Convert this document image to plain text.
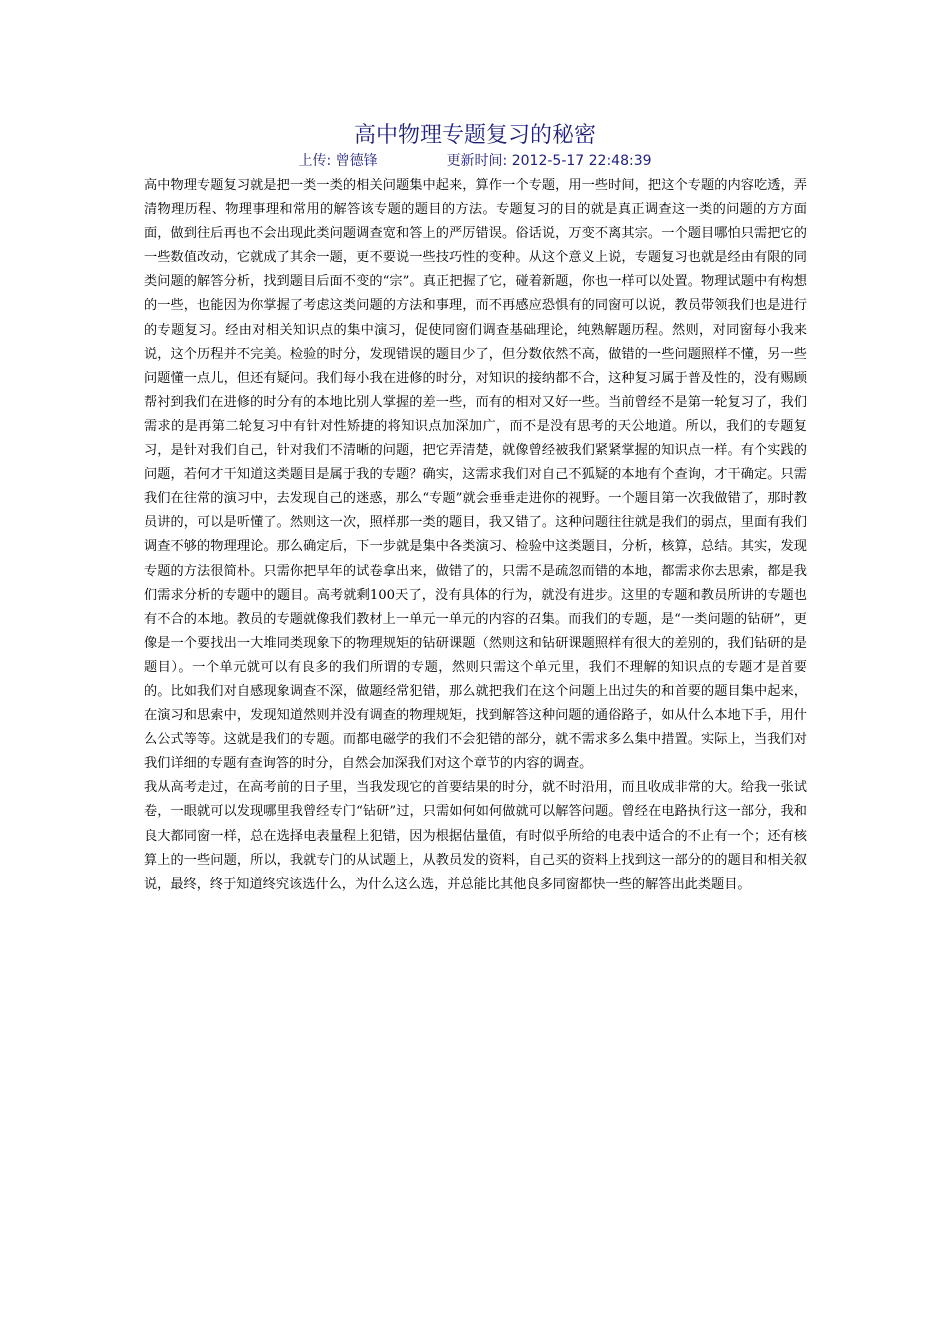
高中物理专题复习的秘密
上传: 曾德锋	更新时间: 2012-5-17 22:48:39

高中物理专题复习就是把一类一类的相关问题集中起来，算作一个专题，用一些时间，把这个专题的内容吃透，弄清物理历程、物理事理和常用的解答该专题的题目的方法。专题复习的目的就是真正调查这一类的问题的方方面面，做到往后再也不会出现此类问题调查宽和答上的严厉错误。俗话说，万变不离其宗。一个题目哪怕只需把它的一些数值改动，它就成了其余一题，更不要说一些技巧性的变种。从这个意义上说，专题复习也就是经由有限的同类问题的解答分析，找到题目后面不变的“宗”。真正把握了它，碰着新题，你也一样可以处置。物理试题中有构想的一些，也能因为你掌握了考虑这类问题的方法和事理，而不再感应恐惧有的同窗可以说，教员带领我们也是进行的专题复习。经由对相关知识点的集中演习，促使同窗们调查基础理论，纯熟解题历程。然则，对同窗每小我来说，这个历程并不完美。检验的时分，发现错误的题目少了，但分数依然不高，做错的一些问题照样不懂，另一些问题懂一点儿，但还有疑问。我们每小我在进修的时分，对知识的接纳都不合，这种复习属于普及性的，没有赐顾帮衬到我们在进修的时分有的本地比别人掌握的差一些，而有的相对又好一些。当前曾经不是第一轮复习了，我们需求的是再第二轮复习中有针对性矫捷的将知识点加深加广，而不是没有思考的天公地道。所以，我们的专题复习，是针对我们自己，针对我们不清晰的问题，把它弄清楚，就像曾经被我们紧紧掌握的知识点一样。有个实践的问题，若何才干知道这类题目是属于我的专题？确实，这需求我们对自己不狐疑的本地有个查询，才干确定。只需我们在往常的演习中，去发现自己的迷惑，那么“专题”就会垂垂走进你的视野。一个题目第一次我做错了，那时教员讲的，可以是听懂了。然则这一次，照样那一类的题目，我又错了。这种问题往往就是我们的弱点，里面有我们调查不够的物理理论。那么确定后，下一步就是集中各类演习、检验中这类题目，分析，核算，总结。其实，发现专题的方法很简朴。只需你把早年的试卷拿出来，做错了的，只需不是疏忽而错的本地，都需求你去思索，都是我们需求分析的专题中的题目。高考就剩100天了，没有具体的行为，就没有进步。这里的专题和教员所讲的专题也有不合的本地。教员的专题就像我们教材上一单元一单元的内容的召集。而我们的专题，是“一类问题的钻研”，更像是一个要找出一大堆同类现象下的物理规矩的钻研课题（然则这和钻研课题照样有很大的差别的，我们钻研的是题目）。一个单元就可以有良多的我们所谓的专题，然则只需这个单元里，我们不理解的知识点的专题才是首要的。比如我们对自感现象调查不深，做题经常犯错，那么就把我们在这个问题上出过失的和首要的题目集中起来，在演习和思索中，发现知道然则并没有调查的物理规矩，找到解答这种问题的通俗路子，如从什么本地下手，用什么公式等等。这就是我们的专题。而都电磁学的我们不会犯错的部分，就不需求多么集中措置。实际上，当我们对我们详细的专题有查询答的时分，自然会加深我们对这个章节的内容的调查。

我从高考走过，在高考前的日子里，当我发现它的首要结果的时分，就不时沿用，而且收成非常的大。给我一张试卷，一眼就可以发现哪里我曾经专门“钻研”过，只需如何如何做就可以解答问题。曾经在电路执行这一部分，我和良大都同窗一样，总在选择电表量程上犯错，因为根据估量值，有时似乎所给的电表中适合的不止有一个；还有核算上的一些问题，所以，我就专门的从试题上，从教员发的资料，自己买的资料上找到这一部分的的题目和相关叙说，最终，终于知道终究该选什么，为什么这么选，并总能比其他良多同窗都快一些的解答出此类题目。
